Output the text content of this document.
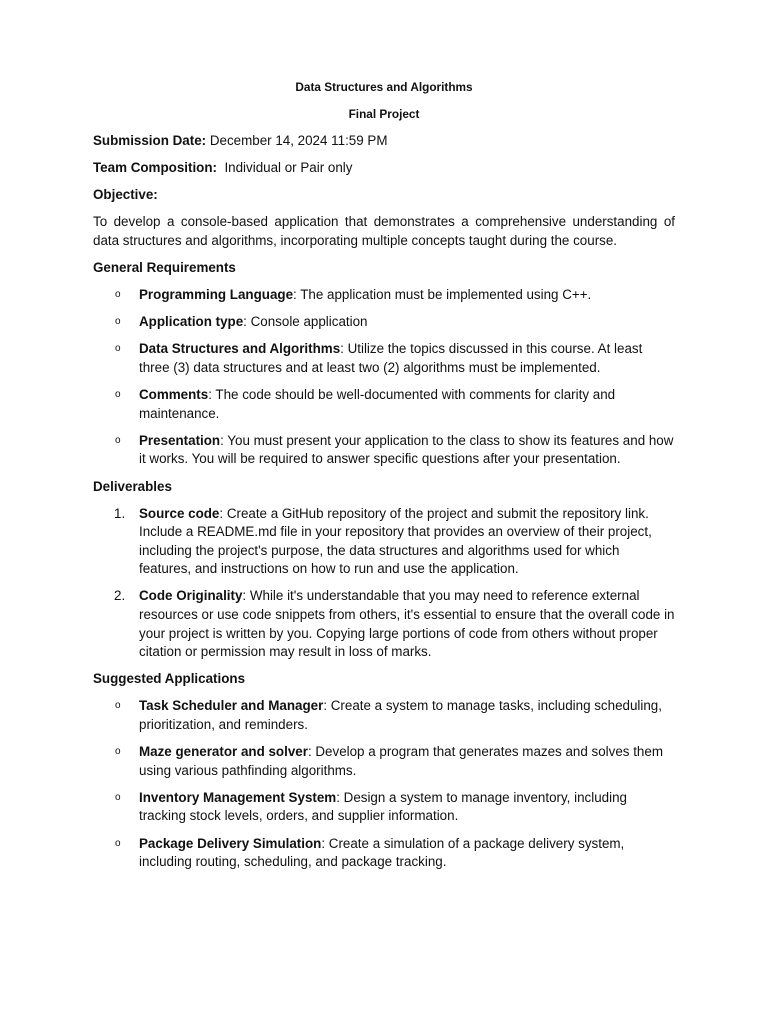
Data Structures and Algorithms
Final Project

Submission Date: December 14, 2024 11:59 PM

Team Composition:  Individual or Pair only

Objective:

To develop a console-based application that demonstrates a comprehensive understanding of data structures and algorithms, incorporating multiple concepts taught during the course.

General Requirements

o Programming Language: The application must be implemented using C++.
o Application type: Console application
o Data Structures and Algorithms: Utilize the topics discussed in this course. At least three (3) data structures and at least two (2) algorithms must be implemented.
o Comments: The code should be well-documented with comments for clarity and maintenance.
o Presentation: You must present your application to the class to show its features and how it works. You will be required to answer specific questions after your presentation.

Deliverables

1. Source code: Create a GitHub repository of the project and submit the repository link. Include a README.md file in your repository that provides an overview of their project, including the project's purpose, the data structures and algorithms used for which features, and instructions on how to run and use the application.
2. Code Originality: While it's understandable that you may need to reference external resources or use code snippets from others, it's essential to ensure that the overall code in your project is written by you. Copying large portions of code from others without proper citation or permission may result in loss of marks.

Suggested Applications

o Task Scheduler and Manager: Create a system to manage tasks, including scheduling, prioritization, and reminders.
o Maze generator and solver: Develop a program that generates mazes and solves them using various pathfinding algorithms.
o Inventory Management System: Design a system to manage inventory, including tracking stock levels, orders, and supplier information.
o Package Delivery Simulation: Create a simulation of a package delivery system, including routing, scheduling, and package tracking.
